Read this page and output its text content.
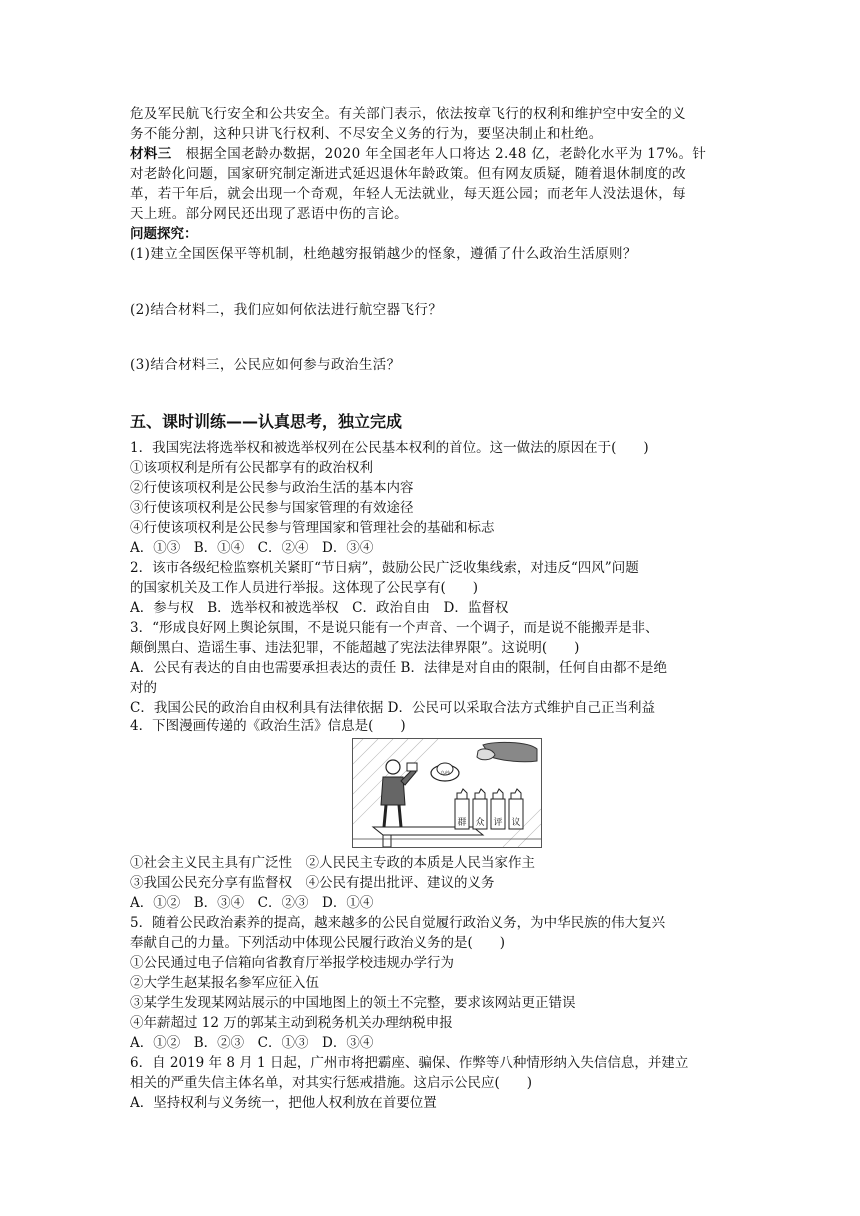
危及军民航飞行安全和公共安全。有关部门表示，依法按章飞行的权利和维护空中安全的义
务不能分割，这种只讲飞行权利、不尽安全义务的行为，要坚决制止和杜绝。
材料三　根据全国老龄办数据，2020 年全国老年人口将达 2.48 亿，老龄化水平为 17%。针
对老龄化问题，国家研究制定渐进式延迟退休年龄政策。但有网友质疑，随着退休制度的改
革，若干年后，就会出现一个奇观，年轻人无法就业，每天逛公园；而老年人没法退休，每
天上班。部分网民还出现了恶语中伤的言论。
问题探究：
(1)建立全国医保平等机制，杜绝越穷报销越少的怪象，遵循了什么政治生活原则？
(2)结合材料二，我们应如何依法进行航空器飞行？
(3)结合材料三，公民应如何参与政治生活？
五、课时训练——认真思考，独立完成
1．我国宪法将选举权和被选举权列在公民基本权利的首位。这一做法的原因在于(　　)
①该项权利是所有公民都享有的政治权利
②行使该项权利是公民参与政治生活的基本内容
③行使该项权利是公民参与国家管理的有效途径
④行使该项权利是公民参与管理国家和管理社会的基础和标志
A．①③　B．①④　C．②④　D．③④
2．该市各级纪检监察机关紧盯“节日病”，鼓励公民广泛收集线索，对违反“四风”问题
的国家机关及工作人员进行举报。这体现了公民享有(　　)
A．参与权　B．选举权和被选举权　C．政治自由　D．监督权
3．“形成良好网上舆论氛围，不是说只能有一个声音、一个调子，而是说不能搬弄是非、
颠倒黑白、造谣生事、违法犯罪，不能超越了宪法法律界限”。这说明(　　)
A．公民有表达的自由也需要承担表达的责任 B．法律是对自由的限制，任何自由都不是绝
对的
C．我国公民的政治自由权利具有法律依据 D．公民可以采取合法方式维护自己正当利益
4．下图漫画传递的《政治生活》信息是(　　)
乌纱
群 众 评 议
①社会主义民主具有广泛性　②人民民主专政的本质是人民当家作主
③我国公民充分享有监督权　④公民有提出批评、建议的义务
A．①②　B．③④　C．②③　D．①④
5．随着公民政治素养的提高，越来越多的公民自觉履行政治义务，为中华民族的伟大复兴
奉献自己的力量。下列活动中体现公民履行政治义务的是(　　)
①公民通过电子信箱向省教育厅举报学校违规办学行为
②大学生赵某报名参军应征入伍
③某学生发现某网站展示的中国地图上的领土不完整，要求该网站更正错误
④年薪超过 12 万的郭某主动到税务机关办理纳税申报
A．①②　B．②③　C．①③　D．③④
6．自 2019 年 8 月 1 日起，广州市将把霸座、骗保、作弊等八种情形纳入失信信息，并建立
相关的严重失信主体名单，对其实行惩戒措施。这启示公民应(　　)
A．坚持权利与义务统一，把他人权利放在首要位置
